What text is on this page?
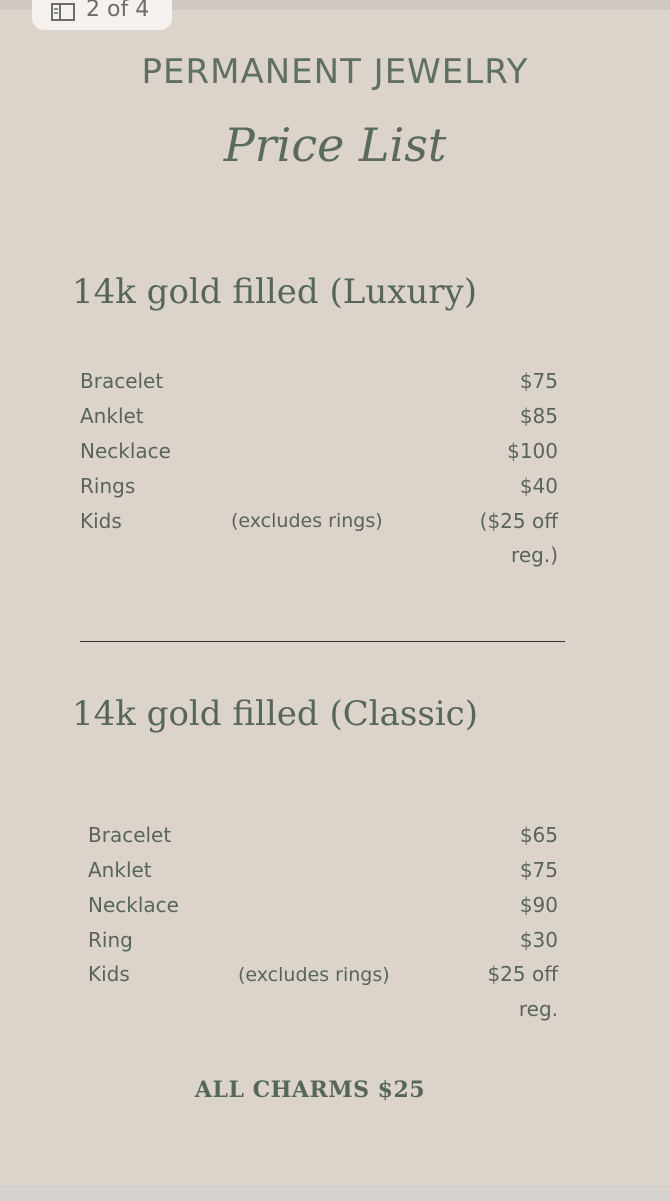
2 of 4
PERMANENT JEWELRY
Price List
14k gold filled (Luxury)
Bracelet	$75
Anklet	$85
Necklace	$100
Rings	$40
Kids	(excludes rings)	($25 off
reg.)
14k gold filled (Classic)
Bracelet	$65
Anklet	$75
Necklace	$90
Ring	$30
Kids	(excludes rings)	$25 off
reg.
ALL CHARMS $25
